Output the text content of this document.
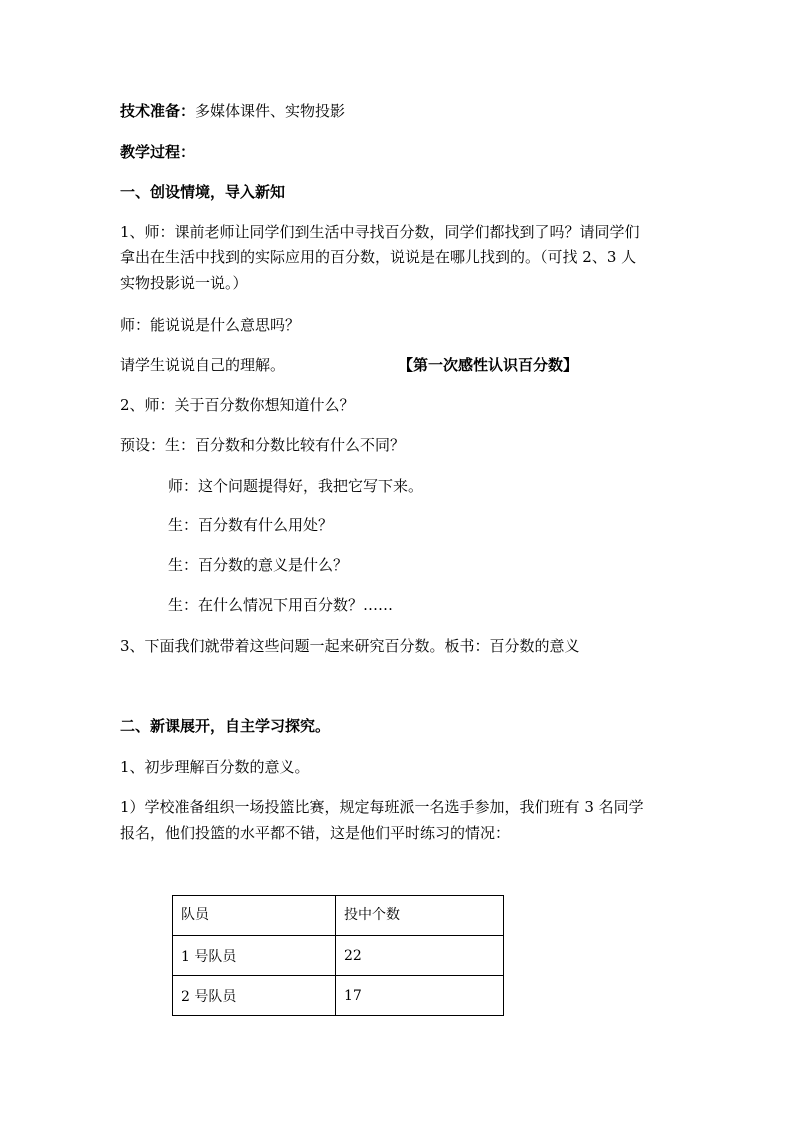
技术准备：多媒体课件、实物投影
教学过程：
一、创设情境，导入新知
1、师：课前老师让同学们到生活中寻找百分数，同学们都找到了吗？请同学们
拿出在生活中找到的实际应用的百分数，说说是在哪儿找到的。（可找 2、3 人
实物投影说一说。）
师：能说说是什么意思吗？
请学生说说自己的理解。	【第一次感性认识百分数】
2、师：关于百分数你想知道什么？
预设：生：百分数和分数比较有什么不同？
师：这个问题提得好，我把它写下来。
生：百分数有什么用处？
生：百分数的意义是什么？
生：在什么情况下用百分数？……
3、下面我们就带着这些问题一起来研究百分数。板书：百分数的意义
二、新课展开，自主学习探究。
1、初步理解百分数的意义。
1）学校准备组织一场投篮比赛，规定每班派一名选手参加，我们班有 3 名同学
报名，他们投篮的水平都不错，这是他们平时练习的情况：
队员	投中个数
1 号队员	22
2 号队员	17
